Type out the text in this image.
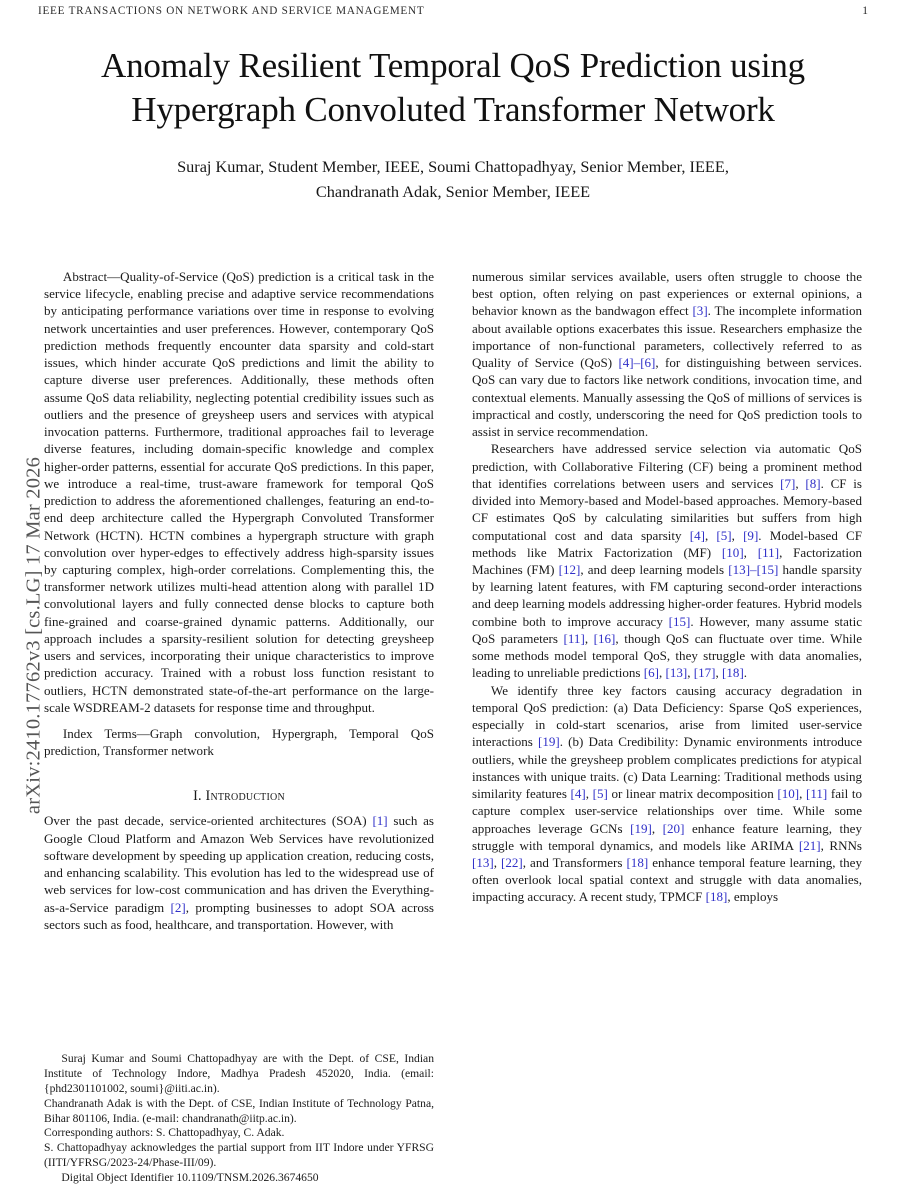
arXiv:2410.17762v3 [cs.LG] 17 Mar 2026
IEEE TRANSACTIONS ON NETWORK AND SERVICE MANAGEMENT	1
Anomaly Resilient Temporal QoS Prediction using
Hypergraph Convoluted Transformer Network
Suraj Kumar, Student Member, IEEE, Soumi Chattopadhyay, Senior Member, IEEE,
Chandranath Adak, Senior Member, IEEE

Abstract—Quality-of-Service (QoS) prediction is a critical task in the service lifecycle, enabling precise and adaptive service recommendations by anticipating performance variations over time in response to evolving network uncertainties and user preferences. However, contemporary QoS prediction methods frequently encounter data sparsity and cold-start issues, which hinder accurate QoS predictions and limit the ability to capture diverse user preferences. Additionally, these methods often assume QoS data reliability, neglecting potential credibility issues such as outliers and the presence of greysheep users and services with atypical invocation patterns. Furthermore, traditional approaches fail to leverage diverse features, including domain-specific knowledge and complex higher-order patterns, essential for accurate QoS predictions. In this paper, we introduce a real-time, trust-aware framework for temporal QoS prediction to address the aforementioned challenges, featuring an end-to-end deep architecture called the Hypergraph Convoluted Transformer Network (HCTN). HCTN combines a hypergraph structure with graph convolution over hyper-edges to effectively address high-sparsity issues by capturing complex, high-order correlations. Complementing this, the transformer network utilizes multi-head attention along with parallel 1D convolutional layers and fully connected dense blocks to capture both fine-grained and coarse-grained dynamic patterns. Additionally, our approach includes a sparsity-resilient solution for detecting greysheep users and services, incorporating their unique characteristics to improve prediction accuracy. Trained with a robust loss function resistant to outliers, HCTN demonstrated state-of-the-art performance on the large-scale WSDREAM-2 datasets for response time and throughput.

Index Terms—Graph convolution, Hypergraph, Temporal QoS prediction, Transformer network

I. Introduction

Over the past decade, service-oriented architectures (SOA) [1] such as Google Cloud Platform and Amazon Web Services have revolutionized software development by speeding up application creation, reducing costs, and enhancing scalability. This evolution has led to the widespread use of web services for low-cost communication and has driven the Everything-as-a-Service paradigm [2], prompting businesses to adopt SOA across sectors such as food, healthcare, and transportation. However, with

numerous similar services available, users often struggle to choose the best option, often relying on past experiences or external opinions, a behavior known as the bandwagon effect [3]. The incomplete information about available options exacerbates this issue. Researchers emphasize the importance of non-functional parameters, collectively referred to as Quality of Service (QoS) [4]–[6], for distinguishing between services. QoS can vary due to factors like network conditions, invocation time, and contextual elements. Manually assessing the QoS of millions of services is impractical and costly, underscoring the need for QoS prediction tools to assist in service recommendation.

Researchers have addressed service selection via automatic QoS prediction, with Collaborative Filtering (CF) being a prominent method that identifies correlations between users and services [7], [8]. CF is divided into Memory-based and Model-based approaches. Memory-based CF estimates QoS by calculating similarities but suffers from high computational cost and data sparsity [4], [5], [9]. Model-based CF methods like Matrix Factorization (MF) [10], [11], Factorization Machines (FM) [12], and deep learning models [13]–[15] handle sparsity by learning latent features, with FM capturing second-order interactions and deep learning models addressing higher-order features. Hybrid models combine both to improve accuracy [15]. However, many assume static QoS parameters [11], [16], though QoS can fluctuate over time. While some methods model temporal QoS, they struggle with data anomalies, leading to unreliable predictions [6], [13], [17], [18].

We identify three key factors causing accuracy degradation in temporal QoS prediction: (a) Data Deficiency: Sparse QoS experiences, especially in cold-start scenarios, arise from limited user-service interactions [19]. (b) Data Credibility: Dynamic environments introduce outliers, while the greysheep problem complicates predictions for atypical instances with unique traits. (c) Data Learning: Traditional methods using similarity features [4], [5] or linear matrix decomposition [10], [11] fail to capture complex user-service relationships over time. While some approaches leverage GCNs [19], [20] enhance feature learning, they struggle with temporal dynamics, and models like ARIMA [21], RNNs [13], [22], and Transformers [18] enhance temporal feature learning, they often overlook local spatial context and struggle with data anomalies, impacting accuracy. A recent study, TPMCF [18], employs

Suraj Kumar and Soumi Chattopadhyay are with the Dept. of CSE, Indian Institute of Technology Indore, Madhya Pradesh 452020, India. (email: {phd2301101002, soumi}@iiti.ac.in).

Chandranath Adak is with the Dept. of CSE, Indian Institute of Technology Patna, Bihar 801106, India. (e-mail: chandranath@iitp.ac.in).

Corresponding authors: S. Chattopadhyay, C. Adak.

S. Chattopadhyay acknowledges the partial support from IIT Indore under YFRSG (IITI/YFRSG/2023-24/Phase-III/09).

Digital Object Identifier 10.1109/TNSM.2026.3674650
